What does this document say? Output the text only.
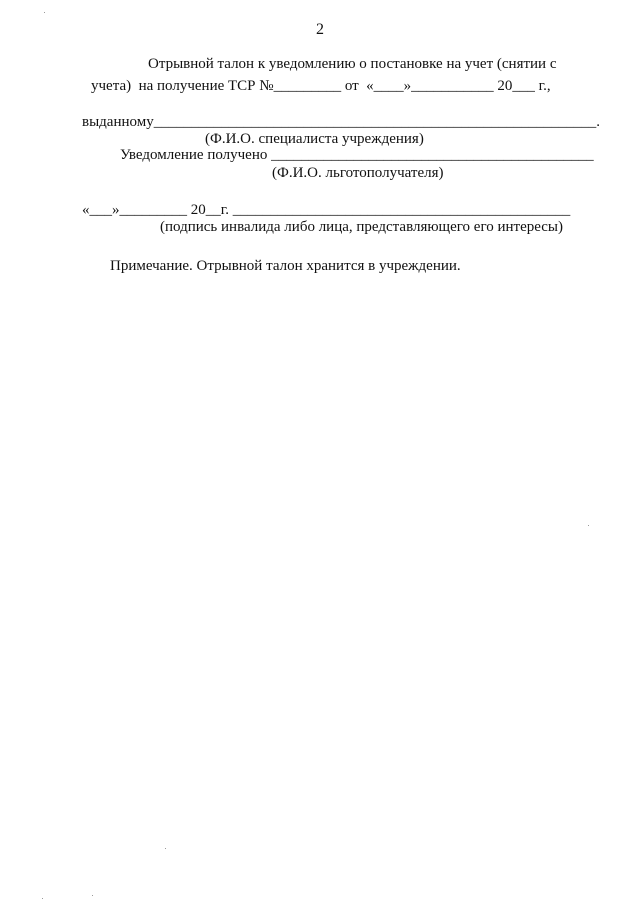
2
Отрывной талон к уведомлению о постановке на учет (снятии с
учета)  на получение ТСР №_________ от  «____»___________ 20___ г.,
выданному___________________________________________________________.
(Ф.И.О. специалиста учреждения)
Уведомление получено ___________________________________________
(Ф.И.О. льготополучателя)
«___»_________ 20__г. _____________________________________________
(подпись инвалида либо лица, представляющего его интересы)
Примечание. Отрывной талон хранится в учреждении.
